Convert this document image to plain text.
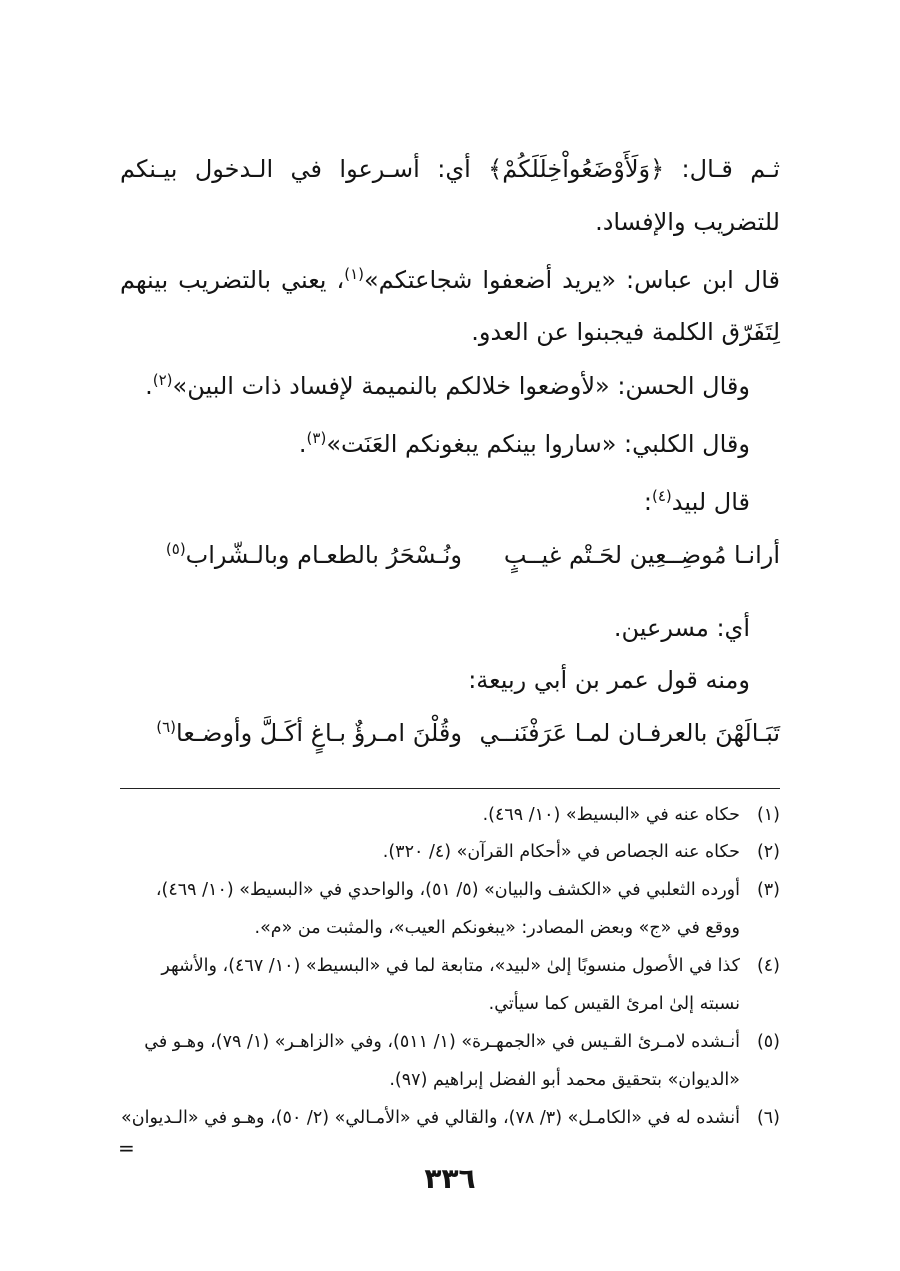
ثـم قـال: ﴿وَلَأَوْضَعُواْخِلَلَكُمْ﴾ أي: أسـرعوا في الـدخول بيـنكم
للتضريب والإفساد.
قال ابن عباس: «يريد أضعفوا شجاعتكم»$^{(١)}$، يعني بالتضريب بينهم
لِتَفَرّق الكلمة فيجبنوا عن العدو.
وقال الحسن: «لأوضعوا خلالكم بالنميمة لإفساد ذات البين»$^{(٢)}$.
وقال الكلبي: «ساروا بينكم يبغونكم العَنَت»$^{(٣)}$.
قال لبيد$^{(٤)}$:
أرانـا مُوضِــعِين لحَـتْم غيــبٍ
ونُـسْحَرُ بالطعـام وبالـشّراب$^{(٥)}$
أي: مسرعين.
ومنه قول عمر بن أبي ربيعة:
تَبَـالَهْنَ بالعرفـان لمـا عَرَفْنَنــي
وقُلْنَ امـرؤٌ بـاغٍ أكَـلَّ وأوضـعا$^{(٦)}$
(١)حكاه عنه في «البسيط» (١٠/ ٤٦٩).
(٢)حكاه عنه الجصاص في «أحكام القرآن» (٤/ ٣٢٠).
(٣)أورده الثعلبي في «الكشف والبيان» (٥/ ٥١)، والواحدي في «البسيط» (١٠/ ٤٦٩)،
ووقع في «ج» وبعض المصادر: «يبغونكم العيب»، والمثبت من «م».
(٤)كذا في الأصول منسوبًا إلىٰ «لبيد»، متابعة لما في «البسيط» (١٠/ ٤٦٧)، والأشهر
نسبته إلىٰ امرئ القيس كما سيأتي.
(٥)أنـشده لامـرئ القـيس في «الجمهـرة» (١/ ٥١١)، وفي «الزاهـر» (١/ ٧٩)، وهـو في
«الديوان» بتحقيق محمد أبو الفضل إبراهيم (٩٧).
(٦)أنشده له في «الكامـل» (٣/ ٧٨)، والقالي في «الأمـالي» (٢/ ٥٠)، وهـو في «الـديوان»
=
٣٣٦
